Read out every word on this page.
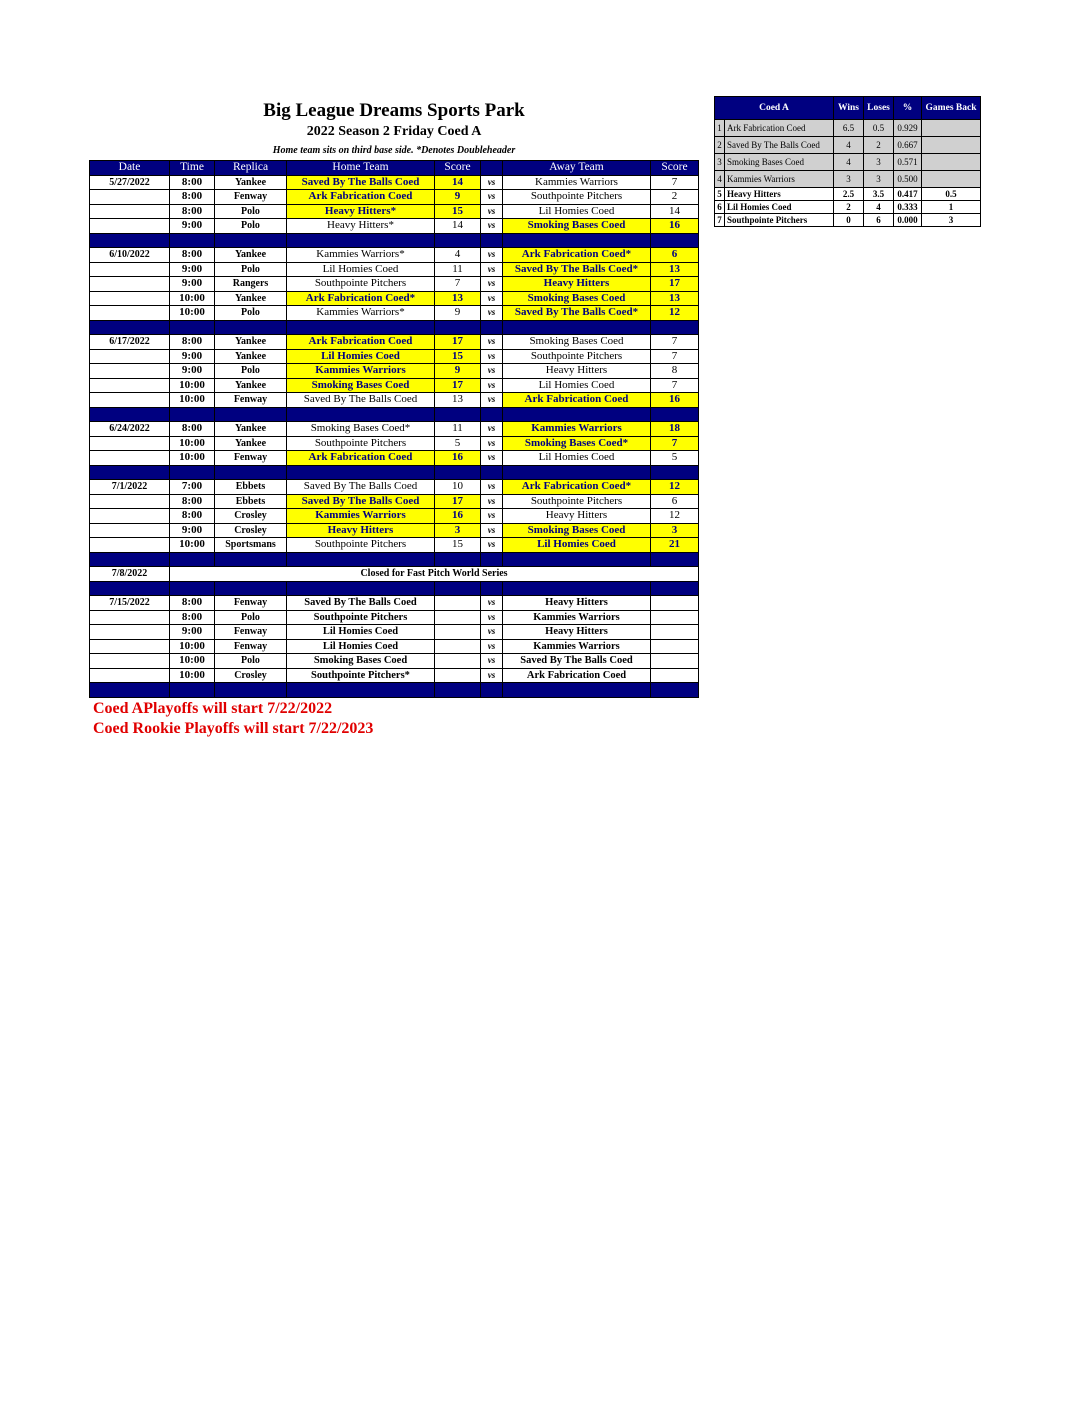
Big League Dreams Sports Park
2022 Season 2 Friday Coed A
Home team sits on third base side. *Denotes Doubleheader
Date	Time	Replica	Home Team	Score		Away Team	Score
5/27/2022	8:00	Yankee	Saved By The Balls Coed	14	vs	Kammies Warriors	7
	8:00	Fenway	Ark Fabrication Coed	9	vs	Southpointe Pitchers	2
	8:00	Polo	Heavy Hitters*	15	vs	Lil Homies Coed	14
	9:00	Polo	Heavy Hitters*	14	vs	Smoking Bases Coed	16

6/10/2022	8:00	Yankee	Kammies Warriors*	4	vs	Ark Fabrication Coed*	6
	9:00	Polo	Lil Homies Coed	11	vs	Saved By The Balls Coed*	13
	9:00	Rangers	Southpointe Pitchers	7	vs	Heavy Hitters	17
	10:00	Yankee	Ark Fabrication Coed*	13	vs	Smoking Bases Coed	13
	10:00	Polo	Kammies Warriors*	9	vs	Saved By The Balls Coed*	12

6/17/2022	8:00	Yankee	Ark Fabrication Coed	17	vs	Smoking Bases Coed	7
	9:00	Yankee	Lil Homies Coed	15	vs	Southpointe Pitchers	7
	9:00	Polo	Kammies Warriors	9	vs	Heavy Hitters	8
	10:00	Yankee	Smoking Bases Coed	17	vs	Lil Homies Coed	7
	10:00	Fenway	Saved By The Balls Coed	13	vs	Ark Fabrication Coed	16

6/24/2022	8:00	Yankee	Smoking Bases Coed*	11	vs	Kammies Warriors	18
	10:00	Yankee	Southpointe Pitchers	5	vs	Smoking Bases Coed*	7
	10:00	Fenway	Ark Fabrication Coed	16	vs	Lil Homies Coed	5

7/1/2022	7:00	Ebbets	Saved By The Balls Coed	10	vs	Ark Fabrication Coed*	12
	8:00	Ebbets	Saved By The Balls Coed	17	vs	Southpointe Pitchers	6
	8:00	Crosley	Kammies Warriors	16	vs	Heavy Hitters	12
	9:00	Crosley	Heavy Hitters	3	vs	Smoking Bases Coed	3
	10:00	Sportsmans	Southpointe Pitchers	15	vs	Lil Homies Coed	21

7/8/2022	Closed for Fast Pitch World Series						

7/15/2022	8:00	Fenway	Saved By The Balls Coed		vs	Heavy Hitters	
	8:00	Polo	Southpointe Pitchers		vs	Kammies Warriors	
	9:00	Fenway	Lil Homies Coed		vs	Heavy Hitters	
	10:00	Fenway	Lil Homies Coed		vs	Kammies Warriors	
	10:00	Polo	Smoking Bases Coed		vs	Saved By The Balls Coed	
	10:00	Crosley	Southpointe Pitchers*		vs	Ark Fabrication Coed	

Coed APlayoffs will start 7/22/2022
Coed Rookie Playoffs will start 7/22/2023
Coed A		Wins	Loses	%	Games Back
1	Ark Fabrication Coed	6.5	0.5	0.929	
2	Saved By The Balls Coed	4	2	0.667	
3	Smoking Bases Coed	4	3	0.571	
4	Kammies Warriors	3	3	0.500	
5	Heavy Hitters	2.5	3.5	0.417	0.5
6	Lil Homies Coed	2	4	0.333	1
7	Southpointe Pitchers	0	6	0.000	3
